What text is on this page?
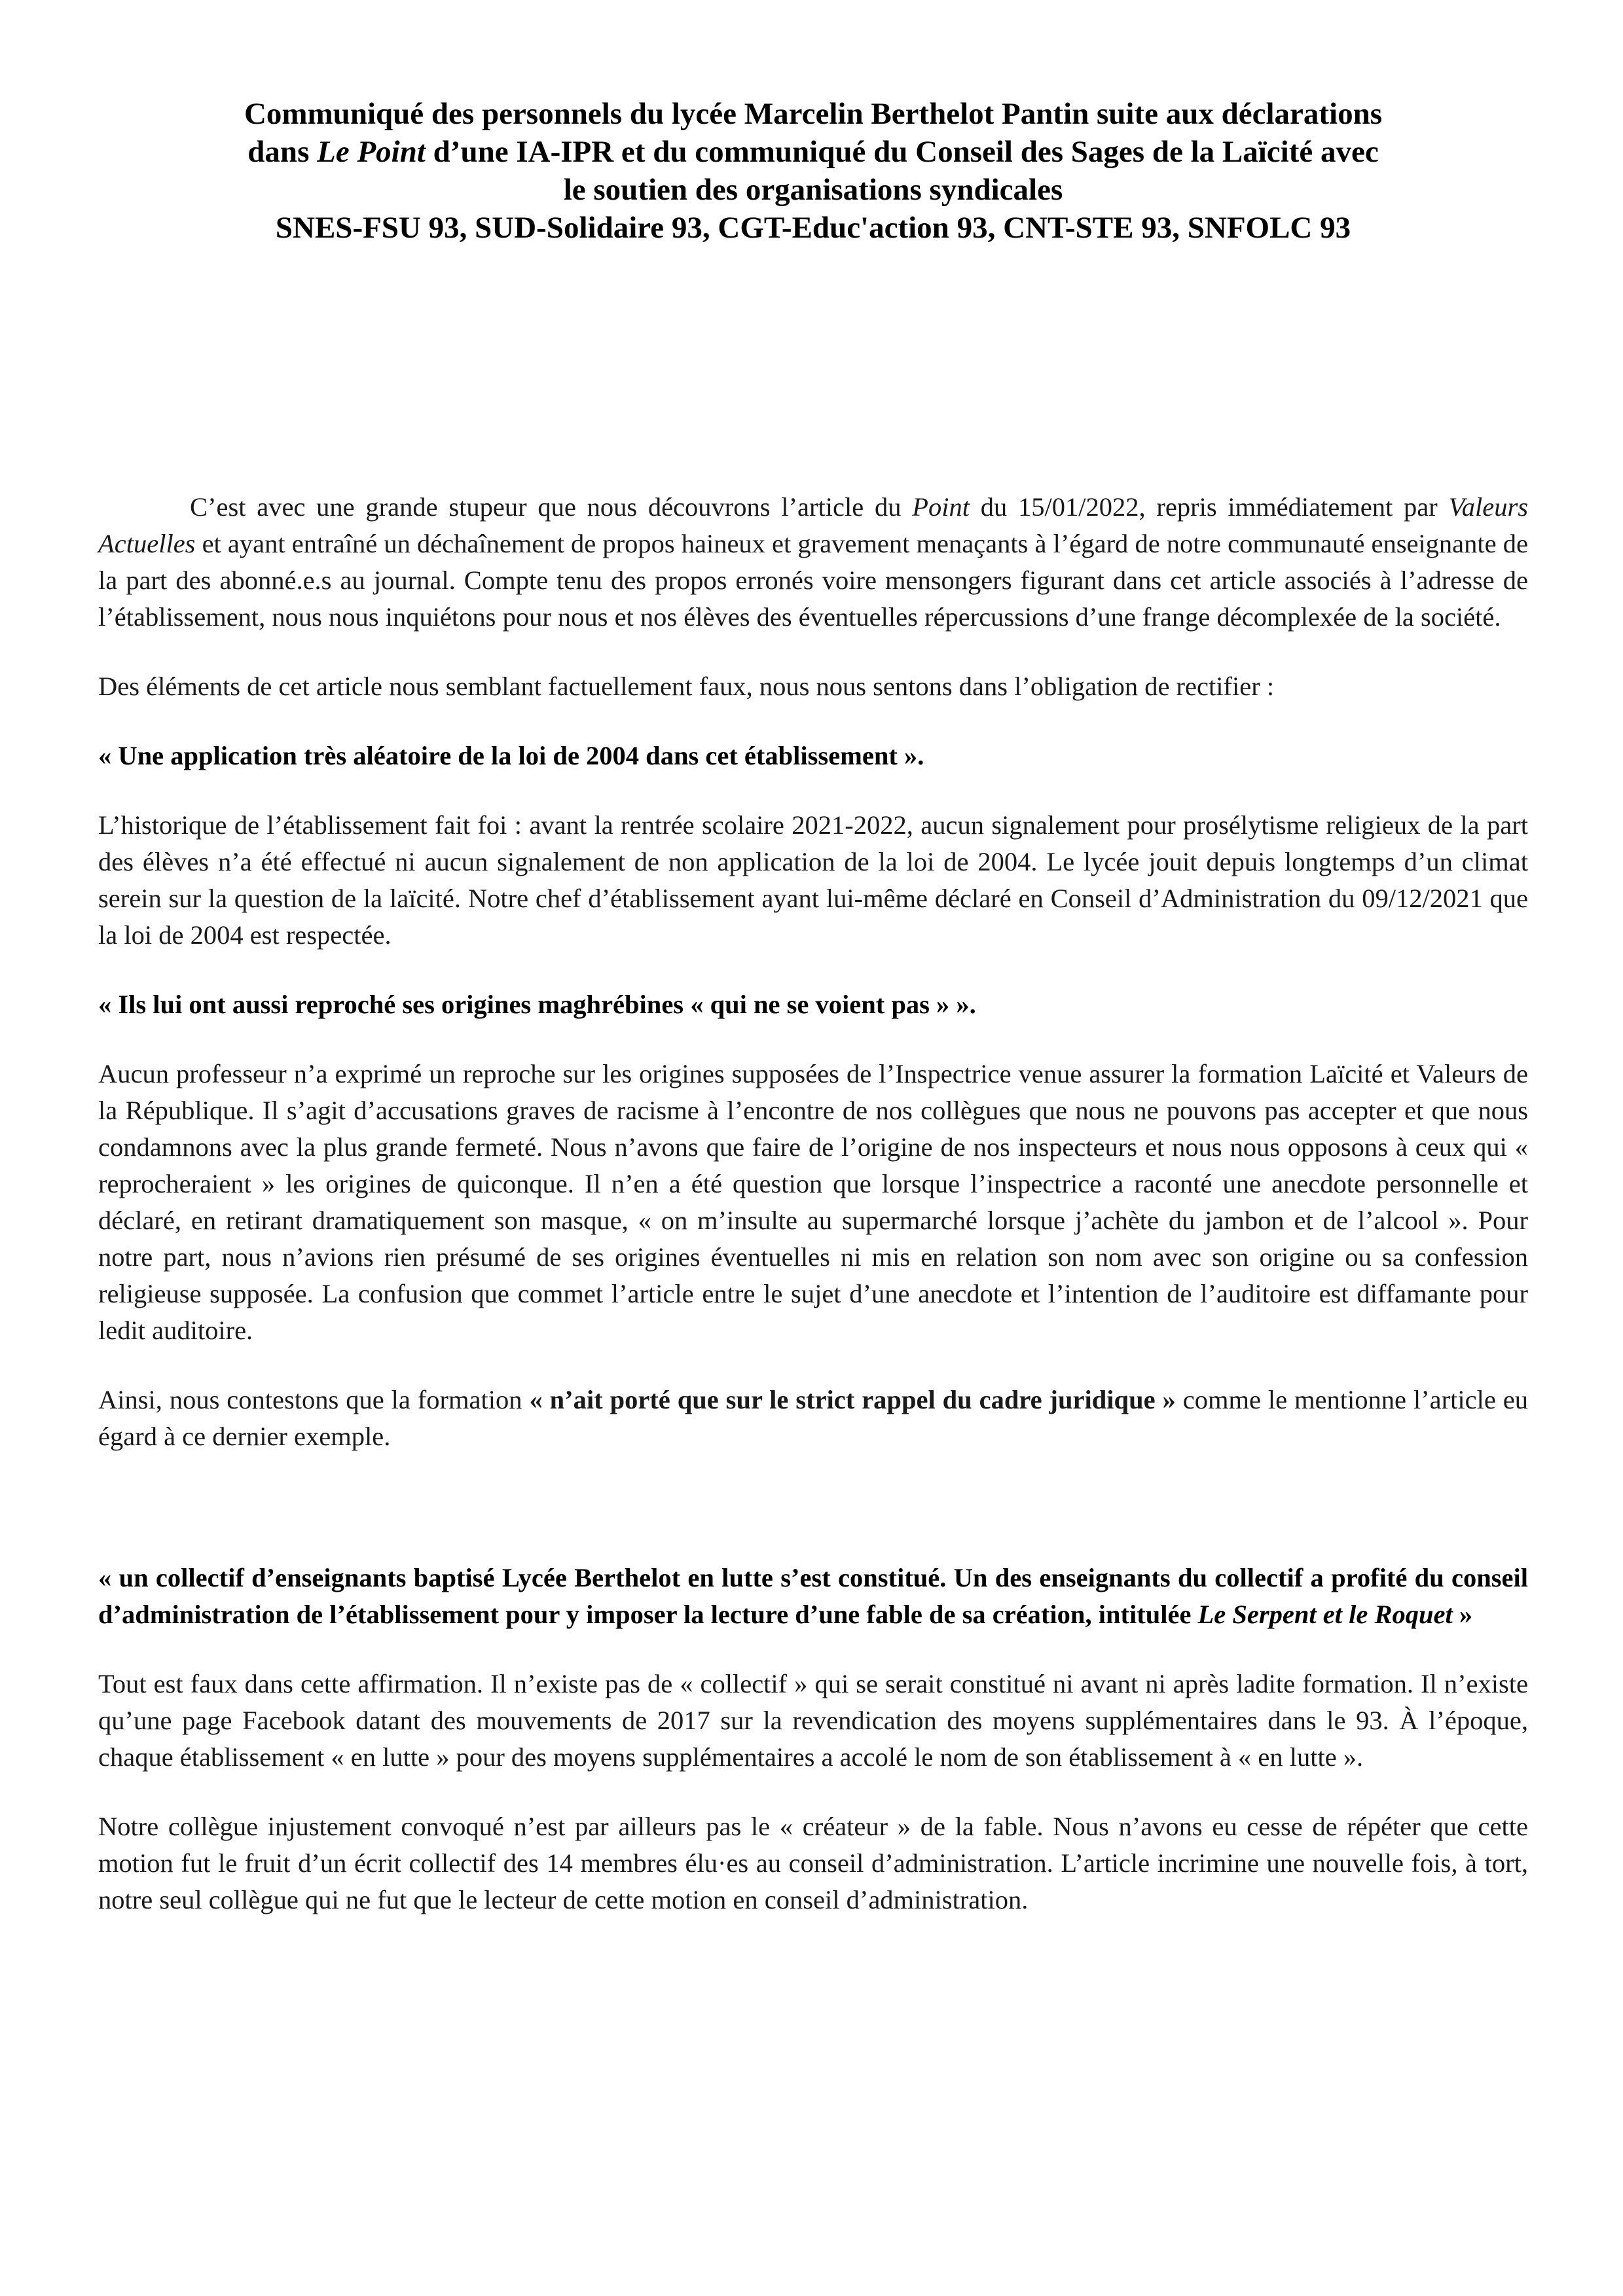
Communiqué des personnels du lycée Marcelin Berthelot Pantin suite aux déclarations
dans Le Point d’une IA-IPR et du communiqué du Conseil des Sages de la Laïcité avec
le soutien des organisations syndicales
SNES-FSU 93, SUD-Solidaire 93, CGT-Educ'action 93, CNT-STE 93, SNFOLC 93

C’est avec une grande stupeur que nous découvrons l’article du Point du 15/01/2022, repris immédiatement par Valeurs Actuelles et ayant entraîné un déchaînement de propos haineux et gravement menaçants à l’égard de notre communauté enseignante de la part des abonné.e.s au journal. Compte tenu des propos erronés voire mensongers figurant dans cet article associés à l’adresse de l’établissement, nous nous inquiétons pour nous et nos élèves des éventuelles répercussions d’une frange décomplexée de la société.

Des éléments de cet article nous semblant factuellement faux, nous nous sentons dans l’obligation de rectifier :

« Une application très aléatoire de la loi de 2004 dans cet établissement ».

L’historique de l’établissement fait foi : avant la rentrée scolaire 2021-2022, aucun signalement pour prosélytisme religieux de la part des élèves n’a été effectué ni aucun signalement de non application de la loi de 2004. Le lycée jouit depuis longtemps d’un climat serein sur la question de la laïcité. Notre chef d’établissement ayant lui-même déclaré en Conseil d’Administration du 09/12/2021 que la loi de 2004 est respectée.

« Ils lui ont aussi reproché ses origines maghrébines « qui ne se voient pas » ».

Aucun professeur n’a exprimé un reproche sur les origines supposées de l’Inspectrice venue assurer la formation Laïcité et Valeurs de la République. Il s’agit d’accusations graves de racisme à l’encontre de nos collègues que nous ne pouvons pas accepter et que nous condamnons avec la plus grande fermeté. Nous n’avons que faire de l’origine de nos inspecteurs et nous nous opposons à ceux qui « reprocheraient » les origines de quiconque. Il n’en a été question que lorsque l’inspectrice a raconté une anecdote personnelle et déclaré, en retirant dramatiquement son masque, « on m’insulte au supermarché lorsque j’achète du jambon et de l’alcool ». Pour notre part, nous n’avions rien présumé de ses origines éventuelles ni mis en relation son nom avec son origine ou sa confession religieuse supposée. La confusion que commet l’article entre le sujet d’une anecdote et l’intention de l’auditoire est diffamante pour ledit auditoire.

Ainsi, nous contestons que la formation « n’ait porté que sur le strict rappel du cadre juridique » comme le mentionne l’article eu égard à ce dernier exemple.

« un collectif d’enseignants baptisé Lycée Berthelot en lutte s’est constitué. Un des enseignants du collectif a profité du conseil d’administration de l’établissement pour y imposer la lecture d’une fable de sa création, intitulée Le Serpent et le Roquet »

Tout est faux dans cette affirmation. Il n’existe pas de « collectif » qui se serait constitué ni avant ni après ladite formation. Il n’existe qu’une page Facebook datant des mouvements de 2017 sur la revendication des moyens supplémentaires dans le 93. À l’époque, chaque établissement « en lutte » pour des moyens supplémentaires a accolé le nom de son établissement à « en lutte ».

Notre collègue injustement convoqué n’est par ailleurs pas le « créateur » de la fable. Nous n’avons eu cesse de répéter que cette motion fut le fruit d’un écrit collectif des 14 membres élu·es au conseil d’administration. L’article incrimine une nouvelle fois, à tort, notre seul collègue qui ne fut que le lecteur de cette motion en conseil d’administration.
